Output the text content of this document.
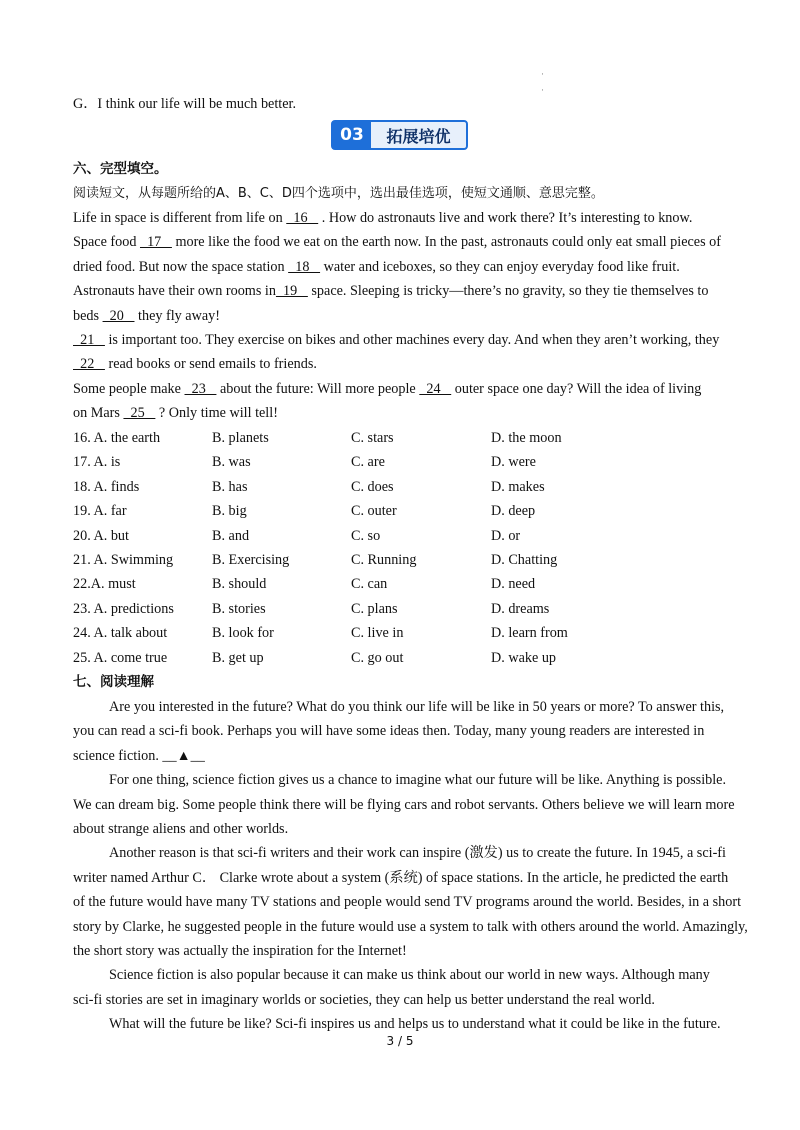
·
·
G．I think our life will be much better.
03	拓展培优
六、完型填空。
阅读短文，从每题所给的A、B、C、D四个选项中，选出最佳选项，使短文通顺、意思完整。
Life in space is different from life on   16    . How do astronauts live and work there? It’s interesting to know.
Space food   17    more like the food we eat on the earth now. In the past, astronauts could only eat small pieces of
dried food. But now the space station   18    water and iceboxes, so they can enjoy everyday food like fruit.
Astronauts have their own rooms in  19    space. Sleeping is tricky—there’s no gravity, so they tie themselves to
beds   20    they fly away!
21    is important too. They exercise on bikes and other machines every day. And when they aren’t working, they
22    read books or send emails to friends.
Some people make   23    about the future: Will more people   24    outer space one day? Will the idea of living
on Mars   25    ? Only time will tell!
16. A. the earth	B. planets	C. stars	D. the moon
17. A. is	B. was	C. are	D. were
18. A. finds	B. has	C. does	D. makes
19. A. far	B. big	C. outer	D. deep
20. A. but	B. and	C. so	D. or
21. A. Swimming	B. Exercising	C. Running	D. Chatting
22.A. must	B. should	C. can	D. need
23. A. predictions	B. stories	C. plans	D. dreams
24. A. talk about	B. look for	C. live in	D. learn from
25. A. come true	B. get up	C. go out	D. wake up
七、阅读理解
Are you interested in the future? What do you think our life will be like in 50 years or more? To answer this,
you can read a sci-fi book. Perhaps you will have some ideas then. Today, many young readers are interested in
science fiction. __▲__
For one thing, science fiction gives us a chance to imagine what our future will be like. Anything is possible.
We can dream big. Some people think there will be flying cars and robot servants. Others believe we will learn more
about strange aliens and other worlds.
Another reason is that sci-fi writers and their work can inspire (激发) us to create the future. In 1945, a sci-fi
writer named Arthur C． Clarke wrote about a system (系统) of space stations. In the article, he predicted the earth
of the future would have many TV stations and people would send TV programs around the world. Besides, in a short
story by Clarke, he suggested people in the future would use a system to talk with others around the world. Amazingly,
the short story was actually the inspiration for the Internet!
Science fiction is also popular because it can make us think about our world in new ways. Although many
sci-fi stories are set in imaginary worlds or societies, they can help us better understand the real world.
What will the future be like? Sci-fi inspires us and helps us to understand what it could be like in the future.
3 / 5
